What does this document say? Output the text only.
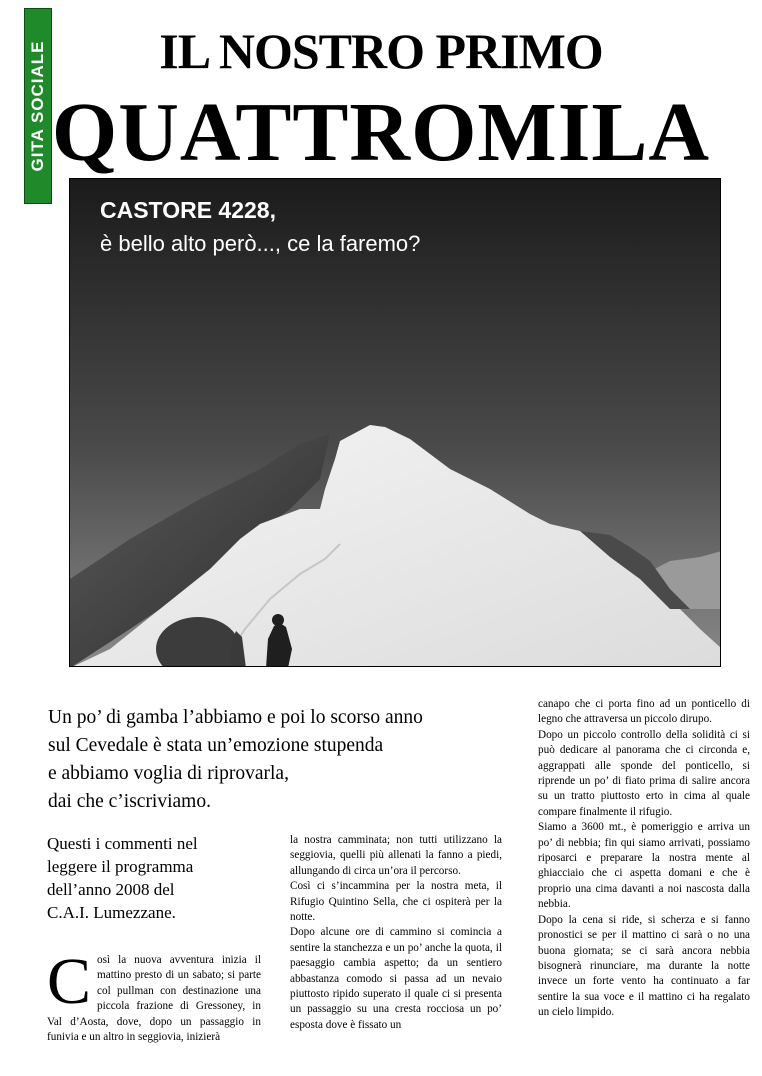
GITA SOCIALE	IL NOSTRO PRIMO
QUATTROMILA
CASTORE 4228,
è bello alto però..., ce la faremo?
Un po’ di gamba l’abbiamo e poi lo scorso anno
sul Cevedale è stata un’emozione stupenda
e abbiamo voglia di riprovarla,
dai che c’iscriviamo.
Questi i commenti nel
leggere il programma
dell’anno 2008 del
C.A.I. Lumezzane.
C osì la nuova avventura inizia il mattino presto di un sabato; si parte col pullman con destinazione una piccola frazione di Gressoney, in Val d’Aosta, dove, dopo un passaggio in funivia e un altro in seggiovia, inizierà

la nostra camminata; non tutti utilizzano la seggiovia, quelli più allenati la fanno a piedi, allungando di circa un’ora il percorso.

Così ci s’incammina per la nostra meta, il Rifugio Quintino Sella, che ci ospiterà per la notte.

Dopo alcune ore di cammino si comincia a sentire la stanchezza e un po’ anche la quota, il paesaggio cambia aspetto; da un sentiero abbastanza comodo si passa ad un nevaio piuttosto ripido superato il quale ci si presenta un passaggio su una cresta rocciosa un po’ esposta dove è fissato un

canapo che ci porta fino ad un ponticello di legno che attraversa un piccolo dirupo.

Dopo un piccolo controllo della solidità ci si può dedicare al panorama che ci circonda e, aggrappati alle sponde del ponticello, si riprende un po’ di fiato prima di salire ancora su un tratto piuttosto erto in cima al quale compare finalmente il rifugio.

Siamo a 3600 mt., è pomeriggio e arriva un po’ di nebbia; fin qui siamo arrivati, possiamo riposarci e preparare la nostra mente al ghiacciaio che ci aspetta domani e che è proprio una cima davanti a noi nascosta dalla nebbia.

Dopo la cena si ride, si scherza e si fanno pronostici se per il mattino ci sarà o no una buona giornata; se ci sarà ancora nebbia bisognerà rinunciare, ma durante la notte invece un forte vento ha continuato a far sentire la sua voce e il mattino ci ha regalato un cielo limpido.
